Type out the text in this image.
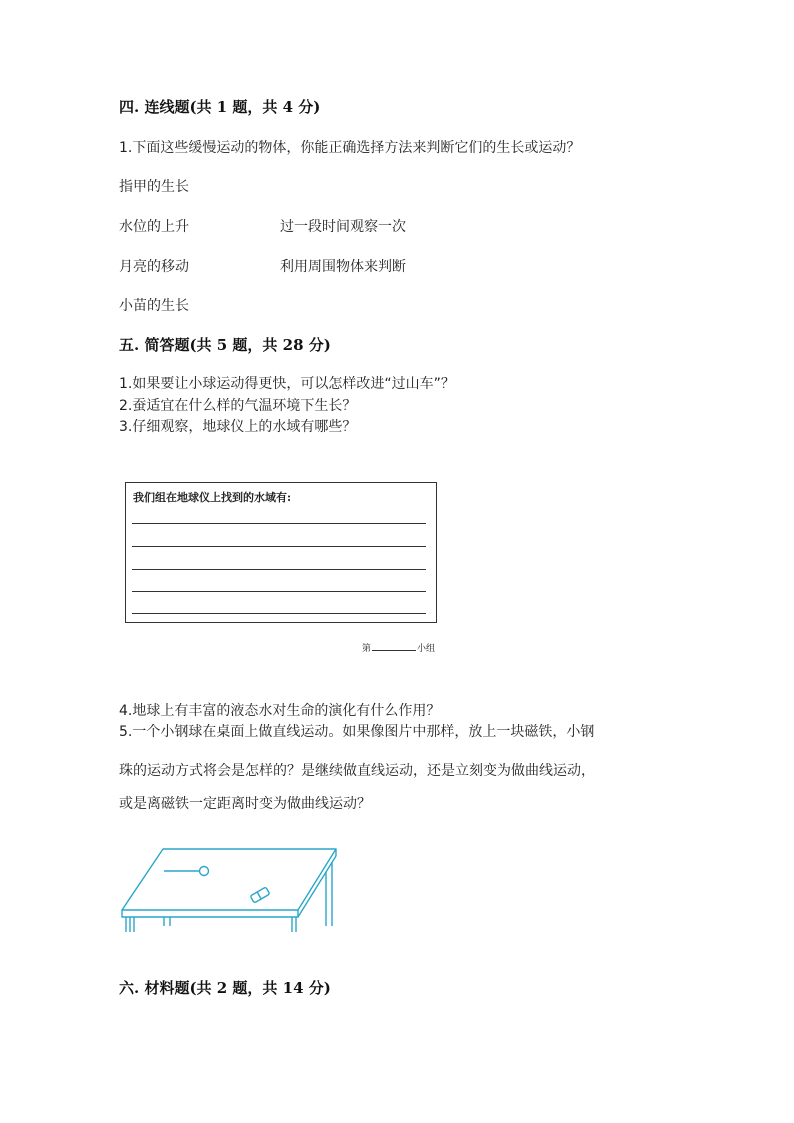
四. 连线题(共 1 题，共 4 分)
1.下面这些缓慢运动的物体，你能正确选择方法来判断它们的生长或运动？
指甲的生长
水位的上升	过一段时间观察一次
月亮的移动	利用周围物体来判断
小苗的生长
五. 简答题(共 5 题，共 28 分)
1.如果要让小球运动得更快，可以怎样改进“过山车”？
2.蚕适宜在什么样的气温环境下生长？
3.仔细观察，地球仪上的水域有哪些？
我们组在地球仪上找到的水域有:
第	小组
4.地球上有丰富的液态水对生命的演化有什么作用？
5.一个小钢球在桌面上做直线运动。如果像图片中那样，放上一块磁铁，小钢
珠的运动方式将会是怎样的？是继续做直线运动，还是立刻变为做曲线运动，
或是离磁铁一定距离时变为做曲线运动？
六. 材料题(共 2 题，共 14 分)
